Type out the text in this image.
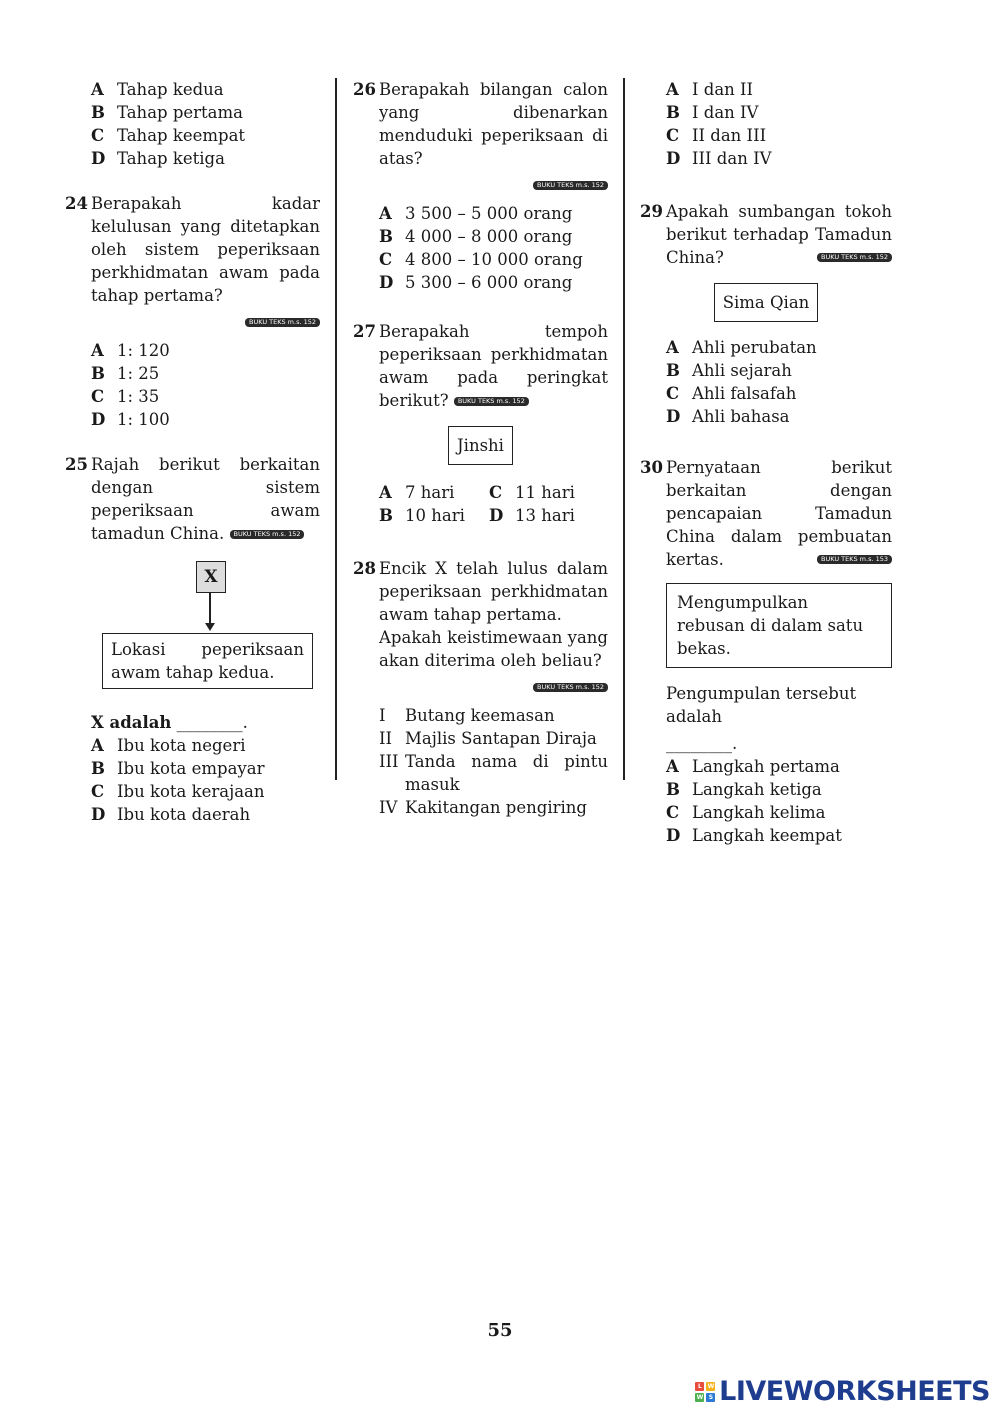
A Tahap kedua
B Tahap pertama
C Tahap keempat
D Tahap ketiga
24 Berapakah kadar kelulusan yang ditetapkan oleh sistem peperiksaan perkhidmatan awam pada tahap pertama?
BUKU TEKS m.s. 152
A 1: 120
B 1: 25
C 1: 35
D 1: 100
25 Rajah berikut berkaitan dengan sistem peperiksaan awam tamadun China. BUKU TEKS m.s. 152
X
Lokasi peperiksaan awam tahap kedua.
X adalah ________.
A Ibu kota negeri
B Ibu kota empayar
C Ibu kota kerajaan
D Ibu kota daerah
26 Berapakah bilangan calon yang dibenarkan menduduki peperiksaan di atas?
BUKU TEKS m.s. 152
A 3 500 – 5 000 orang
B 4 000 – 8 000 orang
C 4 800 – 10 000 orang
D 5 300 – 6 000 orang
27 Berapakah tempoh peperiksaan perkhidmatan awam pada peringkat berikut? BUKU TEKS m.s. 152
Jinshi
A 7 hari C 11 hari
B 10 hari D 13 hari
28 Encik X telah lulus dalam peperiksaan perkhidmatan awam tahap pertama.
Apakah keistimewaan yang akan diterima oleh beliau?
BUKU TEKS m.s. 152
I	Butang keemasan
II Majlis Santapan Diraja
III Tanda nama di pintu masuk
IV Kakitangan pengiring
A I dan II
B I dan IV
C II dan III
D III dan IV
29 Apakah sumbangan tokoh berikut terhadap Tamadun China?	BUKU TEKS m.s. 152
Sima Qian
A Ahli perubatan
B Ahli sejarah
C Ahli falsafah
D Ahli bahasa
30 Pernyataan berikut berkaitan dengan pencapaian Tamadun China dalam pembuatan kertas.	BUKU TEKS m.s. 153
Mengumpulkan rebusan di dalam satu bekas.
Pengumpulan tersebut adalah
________.
A Langkah pertama
B Langkah ketiga
C Langkah kelima
D Langkah keempat
55
L	W
W	S LIVEWORKSHEETS
